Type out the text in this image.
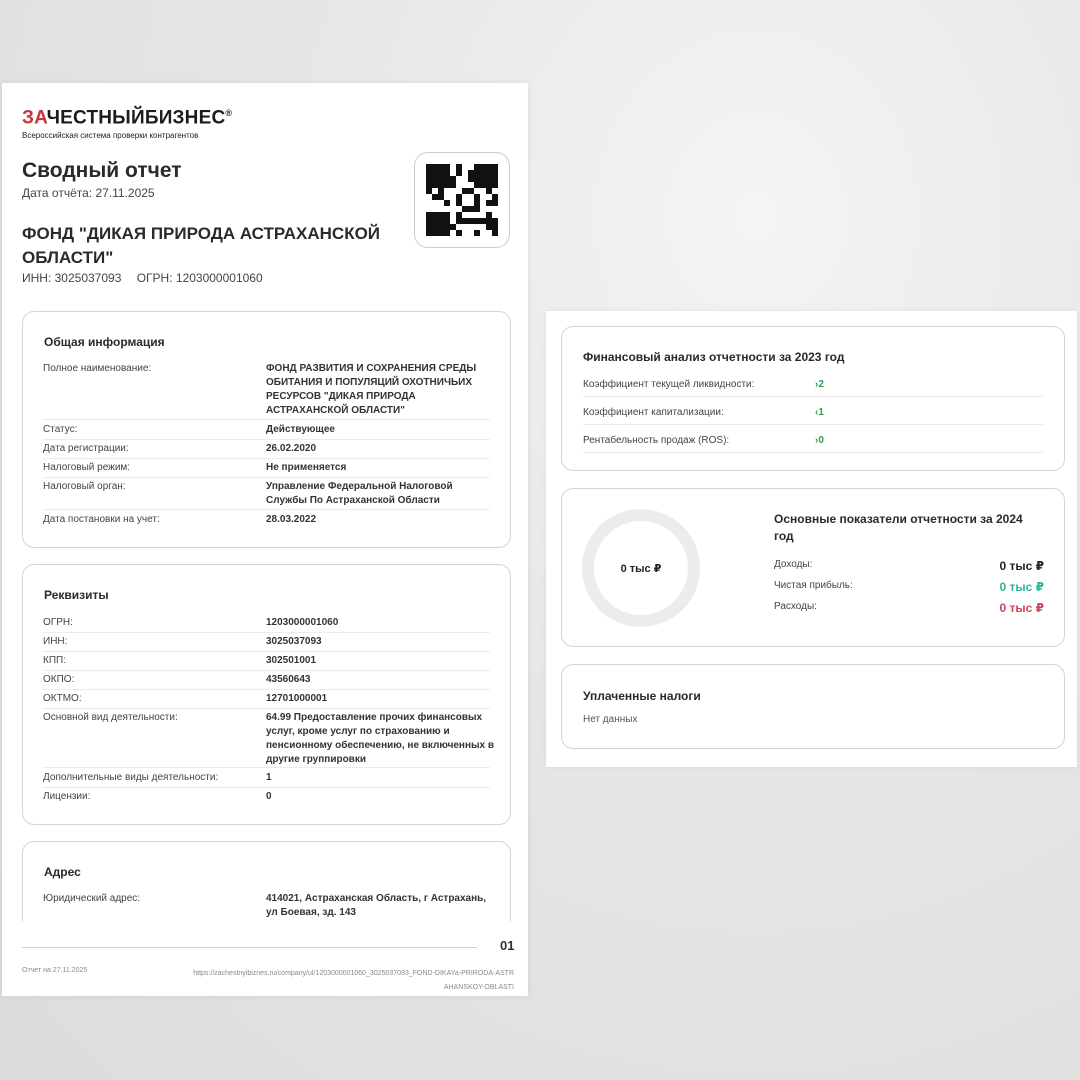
ЗАЧЕСТНЫЙБИЗНЕС®
Всероссийская система проверки контрагентов
Сводный отчет
Дата отчёта: 27.11.2025
ФОНД "ДИКАЯ ПРИРОДА АСТРАХАНСКОЙ ОБЛАСТИ"
ИНН: 3025037093 ОГРН: 1203000001060
Общая информация
Полное наименование:	ФОНД РАЗВИТИЯ И СОХРАНЕНИЯ СРЕДЫ ОБИТАНИЯ И ПОПУЛЯЦИЙ ОХОТНИЧЬИХ РЕСУРСОВ "ДИКАЯ ПРИРОДА АСТРАХАНСКОЙ ОБЛАСТИ"
Статус:	Действующее
Дата регистрации:	26.02.2020
Налоговый режим:	Не применяется
Налоговый орган:	Управление Федеральной Налоговой Службы По Астраханской Области
Дата постановки на учет:	28.03.2022
Реквизиты
ОГРН:	1203000001060
ИНН:	3025037093
КПП:	302501001
ОКПО:	43560643
ОКТМО:	12701000001
Основной вид деятельности:	64.99 Предоставление прочих финансовых услуг, кроме услуг по страхованию и пенсионному обеспечению, не включенных в другие группировки
Дополнительные виды деятельности:	1
Лицензии:	0
Адрес
Юридический адрес:	414021, Астраханская Область, г Астрахань, ул Боевая, зд. 143
01
Отчет на 27.11.2025	https://zachestnyibiznes.ru/company/ul/1203000001060_3025037093_FOND-DIKAYa-PRIRODA-ASTRAHANSKOY-OBLASTI
Финансовый анализ отчетности за 2023 год
Коэффициент текущей ликвидности:	›2
Коэффициент капитализации:	‹1
Рентабельность продаж (ROS):	›0
0 тыс ₽
Основные показатели отчетности за 2024 год
Доходы:	0 тыс ₽
Чистая прибыль:	0 тыс ₽
Расходы:	0 тыс ₽
Уплаченные налоги
Нет данных
